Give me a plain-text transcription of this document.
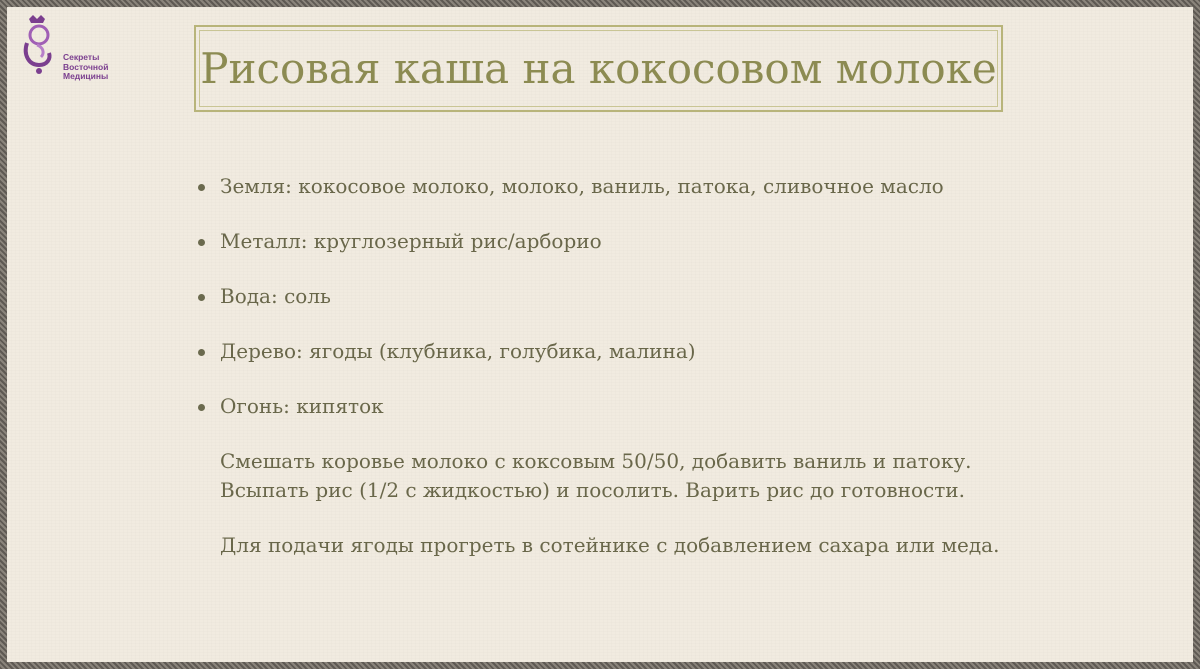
Секреты
Восточной
Медицины Рисовая каша на кокосовом молоке
Земля: кокосовое молоко, молоко, ваниль, патока, сливочное масло
Металл: круглозерный рис/арборио
Вода: соль
Дерево: ягоды (клубника, голубика, малина)
Огонь: кипяток

Смешать коровье молоко с коксовым 50/50, добавить ваниль и патоку. Всыпать рис (1/2 с жидкостью) и посолить. Варить рис до готовности.

Для подачи ягоды прогреть в сотейнике с добавлением сахара или меда.
